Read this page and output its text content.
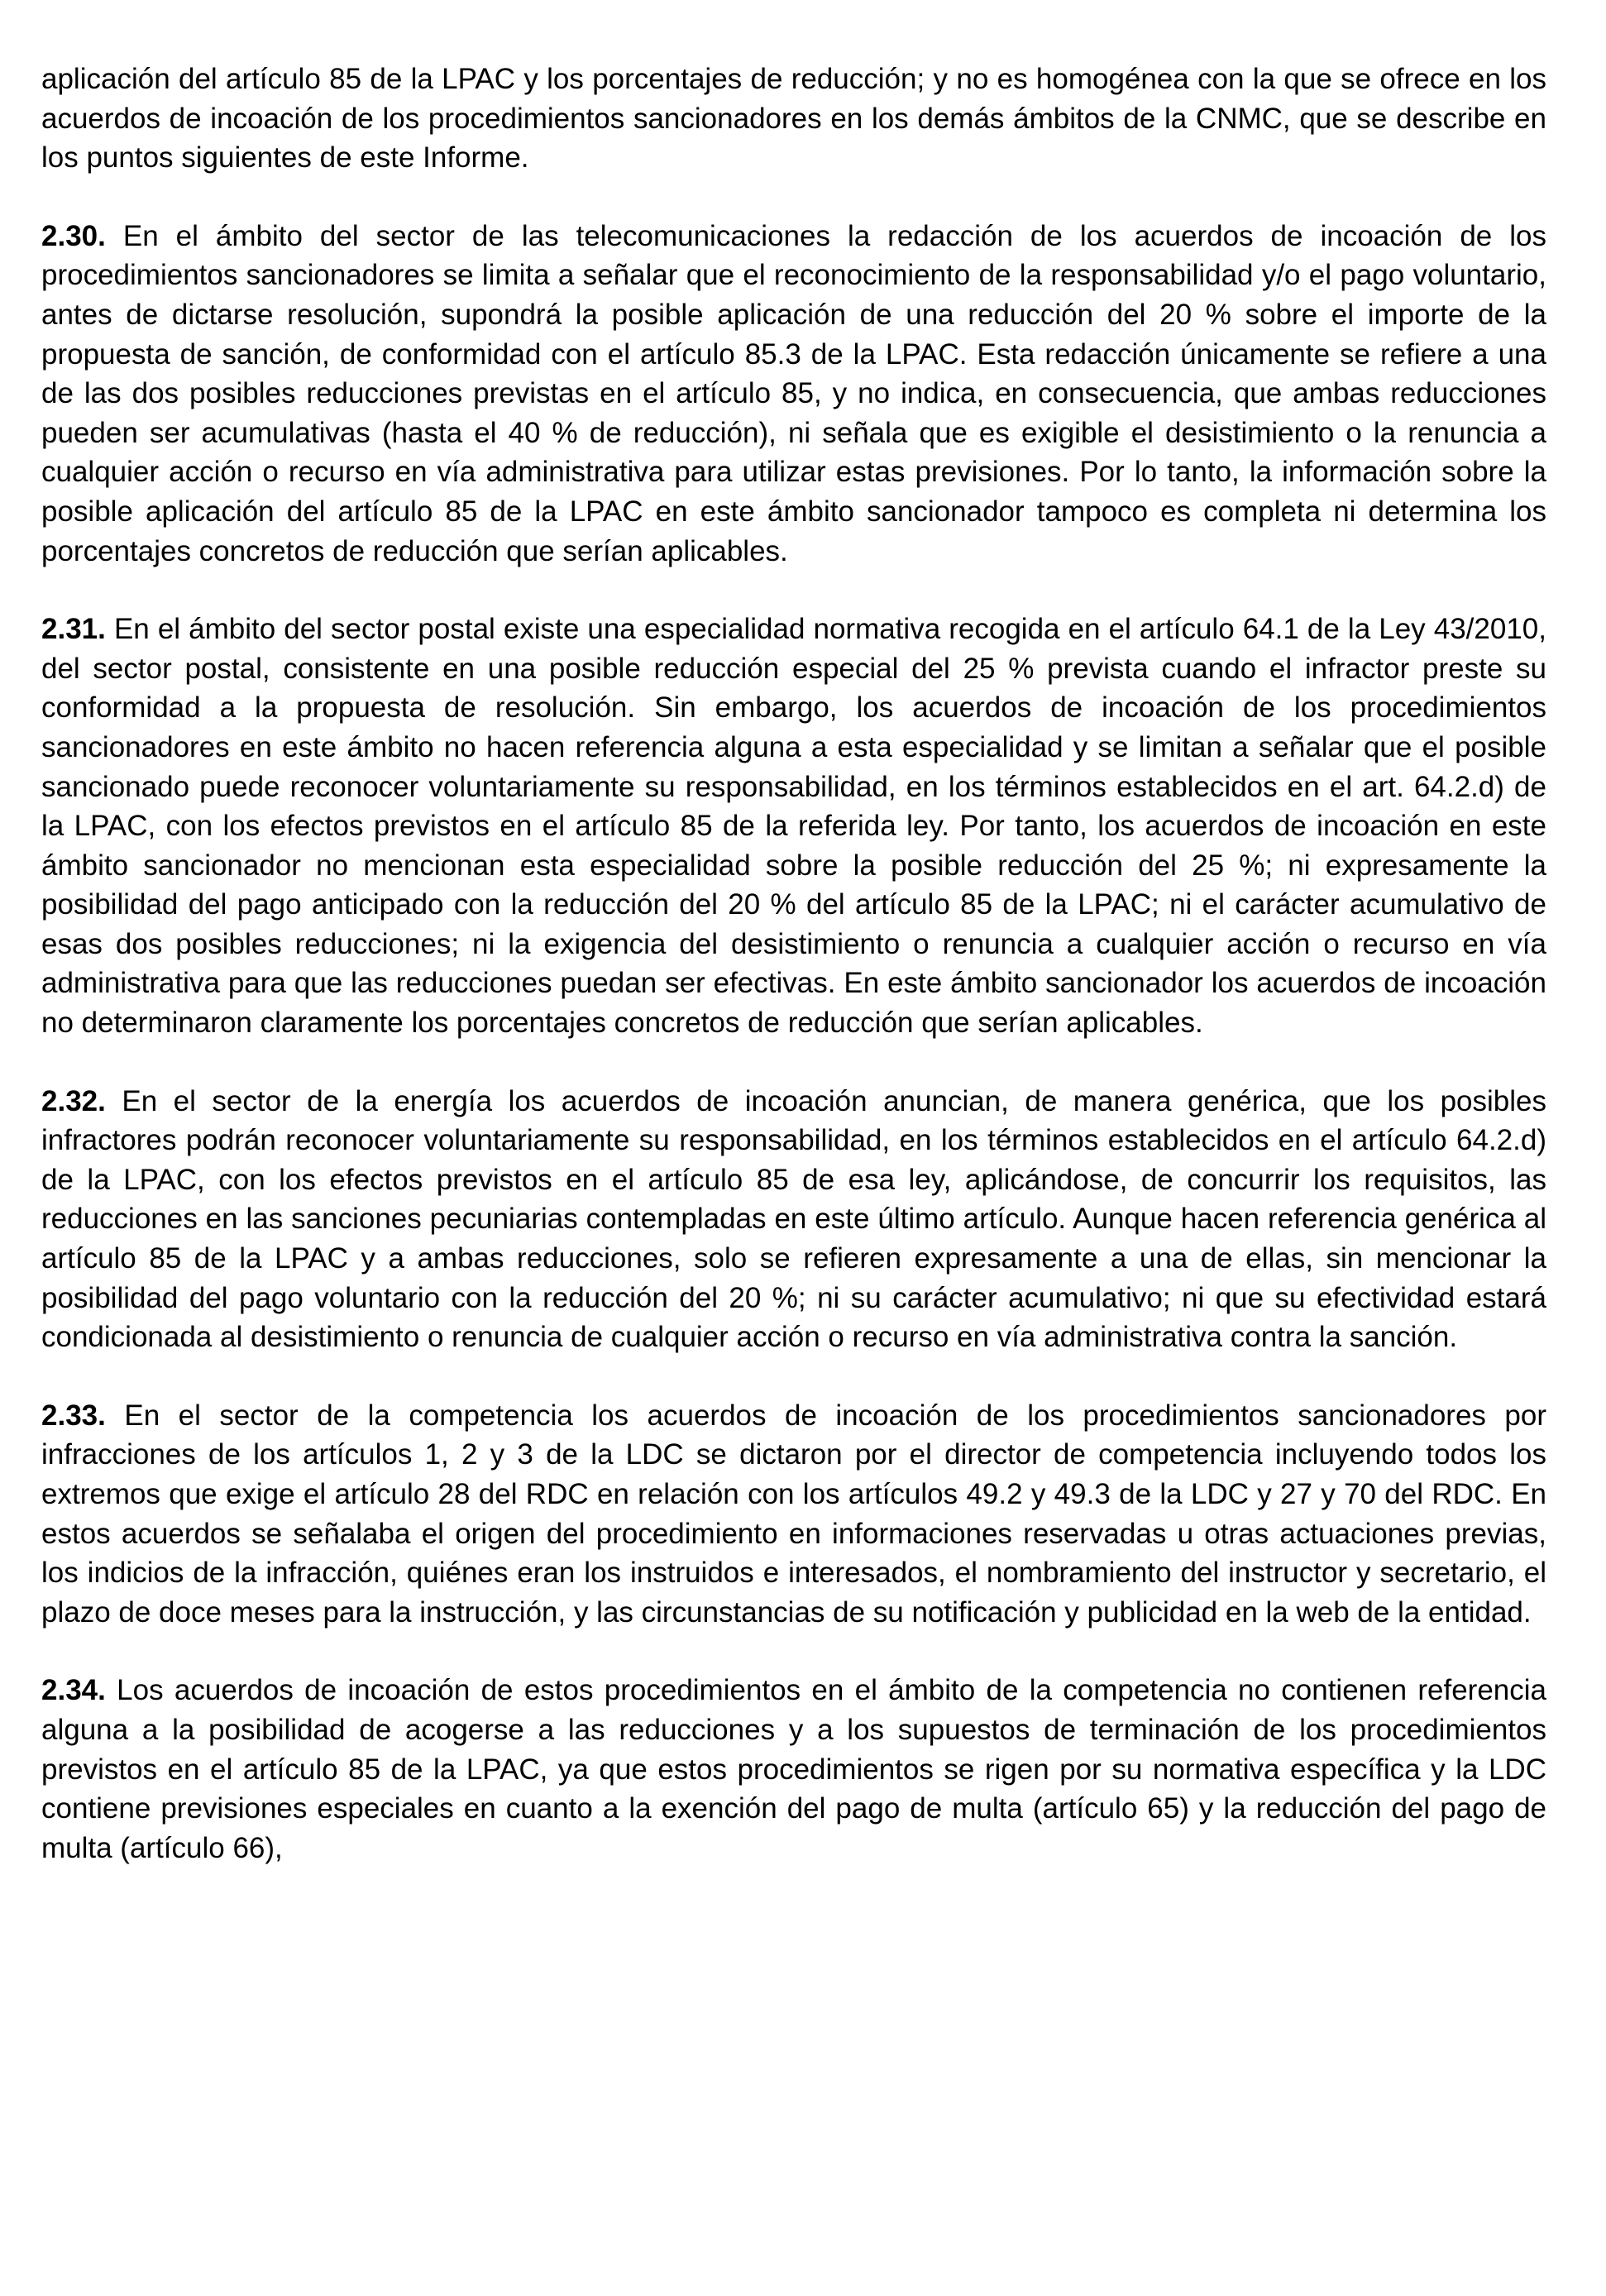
aplicación del artículo 85 de la LPAC y los porcentajes de reducción; y no es homogénea con la que se ofrece en los acuerdos de incoación de los procedimientos sancionadores en los demás ámbitos de la CNMC, que se describe en los puntos siguientes de este Informe.

2.30. En el ámbito del sector de las telecomunicaciones la redacción de los acuerdos de incoación de los procedimientos sancionadores se limita a señalar que el reconocimiento de la responsabilidad y/o el pago voluntario, antes de dictarse resolución, supondrá la posible aplicación de una reducción del 20 % sobre el importe de la propuesta de sanción, de conformidad con el artículo 85.3 de la LPAC. Esta redacción únicamente se refiere a una de las dos posibles reducciones previstas en el artículo 85, y no indica, en consecuencia, que ambas reducciones pueden ser acumulativas (hasta el 40 % de reducción), ni señala que es exigible el desistimiento o la renuncia a cualquier acción o recurso en vía administrativa para utilizar estas previsiones. Por lo tanto, la información sobre la posible aplicación del artículo 85 de la LPAC en este ámbito sancionador tampoco es completa ni determina los porcentajes concretos de reducción que serían aplicables.

2.31. En el ámbito del sector postal existe una especialidad normativa recogida en el artículo 64.1 de la Ley 43/2010, del sector postal, consistente en una posible reducción especial del 25 % prevista cuando el infractor preste su conformidad a la propuesta de resolución. Sin embargo, los acuerdos de incoación de los procedimientos sancionadores en este ámbito no hacen referencia alguna a esta especialidad y se limitan a señalar que el posible sancionado puede reconocer voluntariamente su responsabilidad, en los términos establecidos en el art. 64.2.d) de la LPAC, con los efectos previstos en el artículo 85 de la referida ley. Por tanto, los acuerdos de incoación en este ámbito sancionador no mencionan esta especialidad sobre la posible reducción del 25 %; ni expresamente la posibilidad del pago anticipado con la reducción del 20 % del artículo 85 de la LPAC; ni el carácter acumulativo de esas dos posibles reducciones; ni la exigencia del desistimiento o renuncia a cualquier acción o recurso en vía administrativa para que las reducciones puedan ser efectivas. En este ámbito sancionador los acuerdos de incoación no determinaron claramente los porcentajes concretos de reducción que serían aplicables.

2.32. En el sector de la energía los acuerdos de incoación anuncian, de manera genérica, que los posibles infractores podrán reconocer voluntariamente su responsabilidad, en los términos establecidos en el artículo 64.2.d) de la LPAC, con los efectos previstos en el artículo 85 de esa ley, aplicándose, de concurrir los requisitos, las reducciones en las sanciones pecuniarias contempladas en este último artículo. Aunque hacen referencia genérica al artículo 85 de la LPAC y a ambas reducciones, solo se refieren expresamente a una de ellas, sin mencionar la posibilidad del pago voluntario con la reducción del 20 %; ni su carácter acumulativo; ni que su efectividad estará condicionada al desistimiento o renuncia de cualquier acción o recurso en vía administrativa contra la sanción.

2.33. En el sector de la competencia los acuerdos de incoación de los procedimientos sancionadores por infracciones de los artículos 1, 2 y 3 de la LDC se dictaron por el director de competencia incluyendo todos los extremos que exige el artículo 28 del RDC en relación con los artículos 49.2 y 49.3 de la LDC y 27 y 70 del RDC. En estos acuerdos se señalaba el origen del procedimiento en informaciones reservadas u otras actuaciones previas, los indicios de la infracción, quiénes eran los instruidos e interesados, el nombramiento del instructor y secretario, el plazo de doce meses para la instrucción, y las circunstancias de su notificación y publicidad en la web de la entidad.

2.34. Los acuerdos de incoación de estos procedimientos en el ámbito de la competencia no contienen referencia alguna a la posibilidad de acogerse a las reducciones y a los supuestos de terminación de los procedimientos previstos en el artículo 85 de la LPAC, ya que estos procedimientos se rigen por su normativa específica y la LDC contiene previsiones especiales en cuanto a la exención del pago de multa (artículo 65) y la reducción del pago de multa (artículo 66),
